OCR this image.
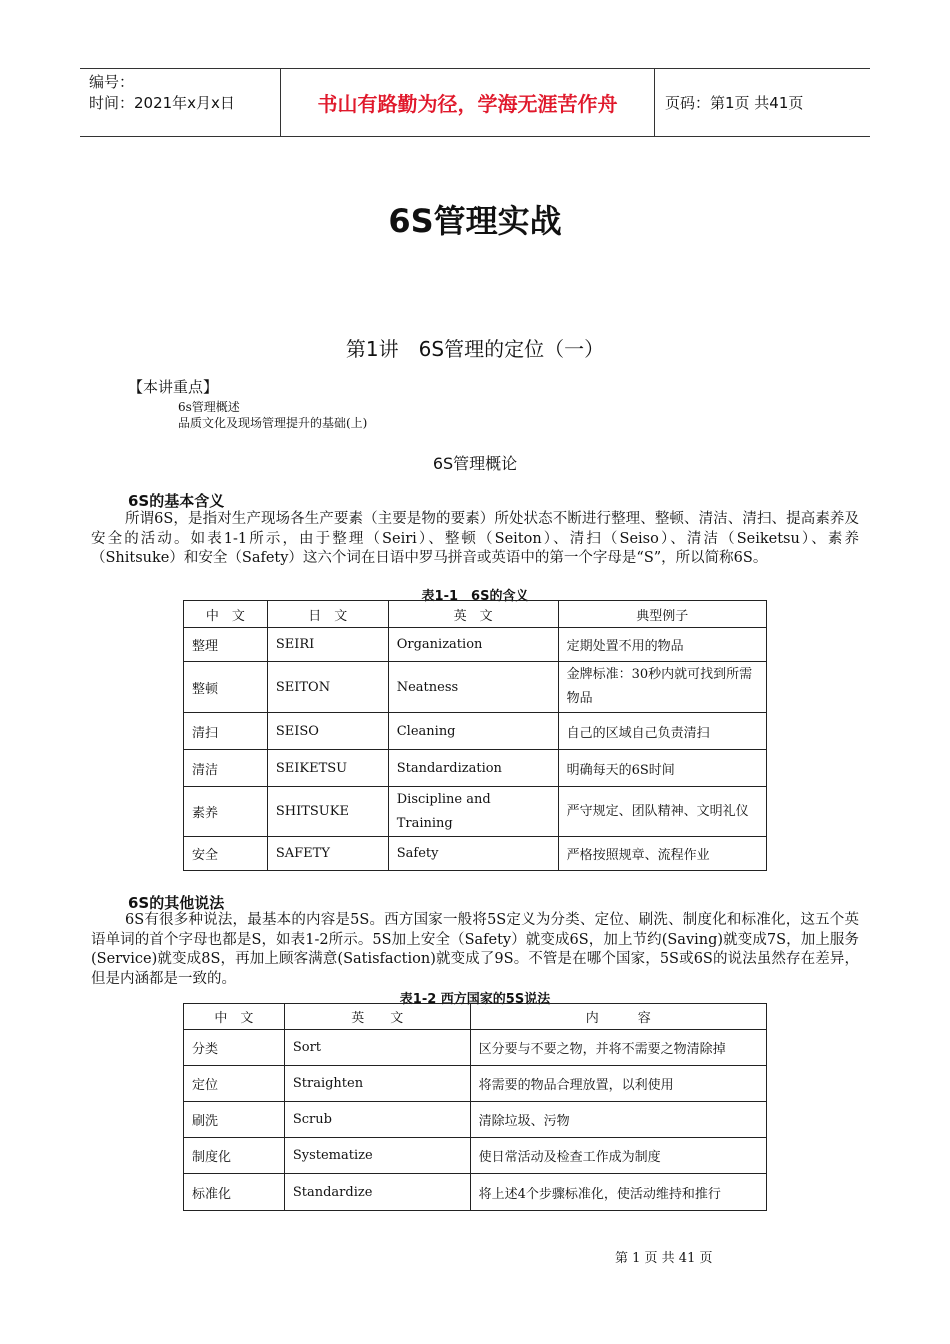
编号：
时间：2021年x月x日	书山有路勤为径，学海无涯苦作舟	页码：第1页 共41页
6S管理实战
第1讲　6S管理的定位（一）
【本讲重点】
6s管理概述
品质文化及现场管理提升的基础(上)
6S管理概论
6S的基本含义

所谓6S，是指对生产现场各生产要素（主要是物的要素）所处状态不断进行整理、整顿、清洁、清扫、提高素养及安全的活动。如表1-1所示，由于整理（Seiri）、整顿（Seiton）、清扫（Seiso）、清洁（Seiketsu）、素养（Shitsuke）和安全（Safety）这六个词在日语中罗马拼音或英语中的第一个字母是“S”，所以简称6S。

表1-1　6S的含义
中　文	日　文	英　文	典型例子
整理	SEIRI	Organization	定期处置不用的物品
整顿	SEITON	Neatness	金牌标准：30秒内就可找到所需物品
清扫	SEISO	Cleaning	自己的区域自己负责清扫
清洁	SEIKETSU	Standardization	明确每天的6S时间
素养	SHITSUKE	Discipline and Training	严守规定、团队精神、文明礼仪
安全	SAFETY	Safety	严格按照规章、流程作业
6S的其他说法

6S有很多种说法，最基本的内容是5S。西方国家一般将5S定义为分类、定位、刷洗、制度化和标准化，这五个英语单词的首个字母也都是S，如表1-2所示。5S加上安全（Safety）就变成6S，加上节约(Saving)就变成7S，加上服务(Service)就变成8S，再加上顾客满意(Satisfaction)就变成了9S。不管是在哪个国家，5S或6S的说法虽然存在差异，但是内涵都是一致的。

表1-2 西方国家的5S说法
中　文	英　　文	内　　　容
分类	Sort	区分要与不要之物，并将不需要之物清除掉
定位	Straighten	将需要的物品合理放置，以利使用
刷洗	Scrub	清除垃圾、污物
制度化	Systematize	使日常活动及检查工作成为制度
标准化	Standardize	将上述4个步骤标准化，使活动维持和推行
第 1 页 共 41 页
